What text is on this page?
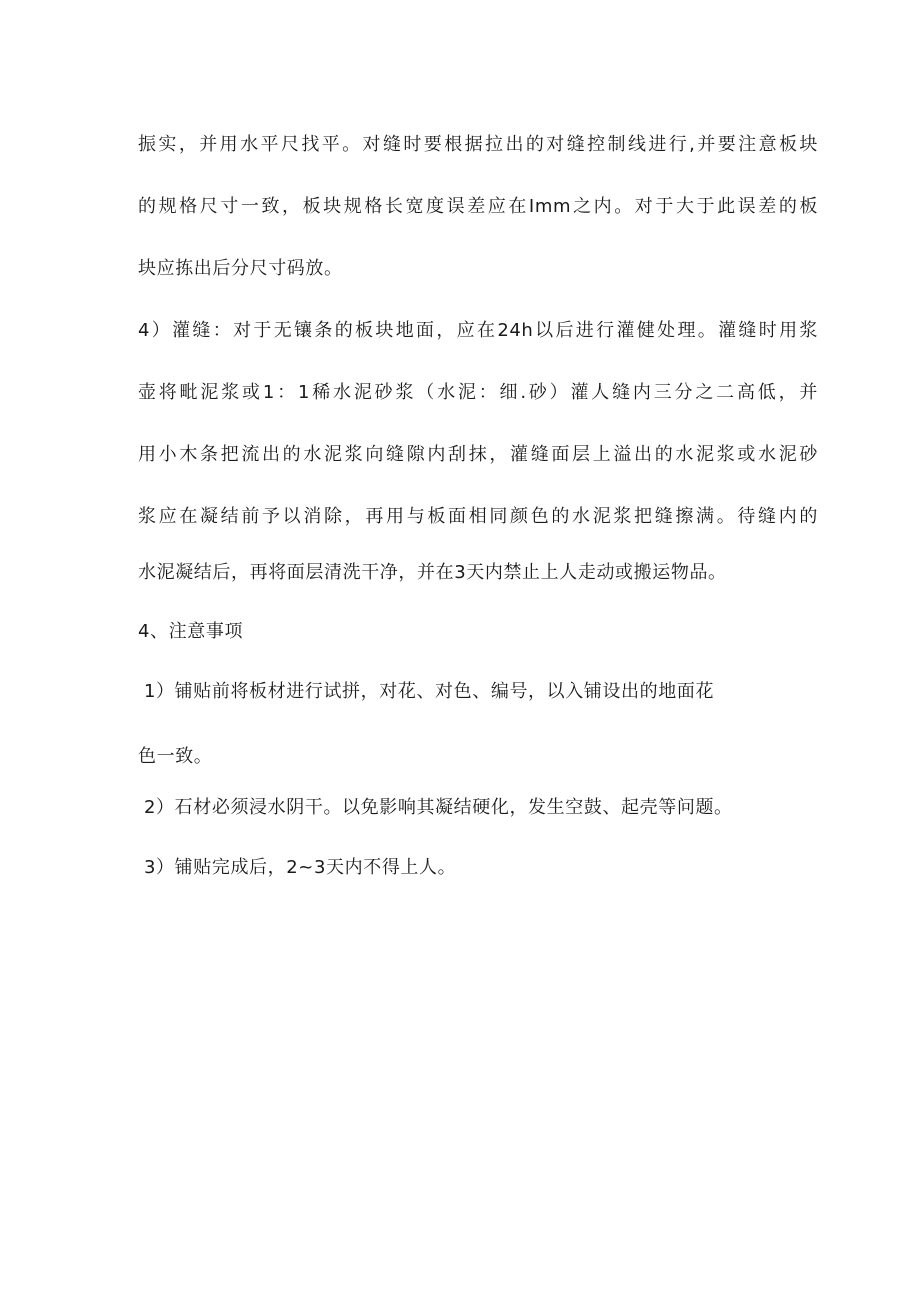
振实，并用水平尺找平。对缝时要根据拉出的对缝控制线进行,并要注意板块
的规格尺寸一致，板块规格长宽度误差应在Imm之内。对于大于此误差的板
块应拣出后分尺寸码放。
4）灌缝：对于无镶条的板块地面，应在24h以后进行灌健处理。灌缝时用浆
壶将毗泥浆或1：1稀水泥砂浆（水泥：细.砂）灌人缝内三分之二高低，并
用小木条把流出的水泥浆向缝隙内刮抹，灌缝面层上溢出的水泥浆或水泥砂
浆应在凝结前予以消除，再用与板面相同颜色的水泥浆把缝擦满。待缝内的
水泥凝结后，再将面层清洗干净，并在3天内禁止上人走动或搬运物品。
4、注意事项
1）铺贴前将板材进行试拼，对花、对色、编号，以入铺设出的地面花
色一致。
2）石材必须浸水阴干。以免影响其凝结硬化，发生空鼓、起壳等问题。
3）铺贴完成后，2~3天内不得上人。
